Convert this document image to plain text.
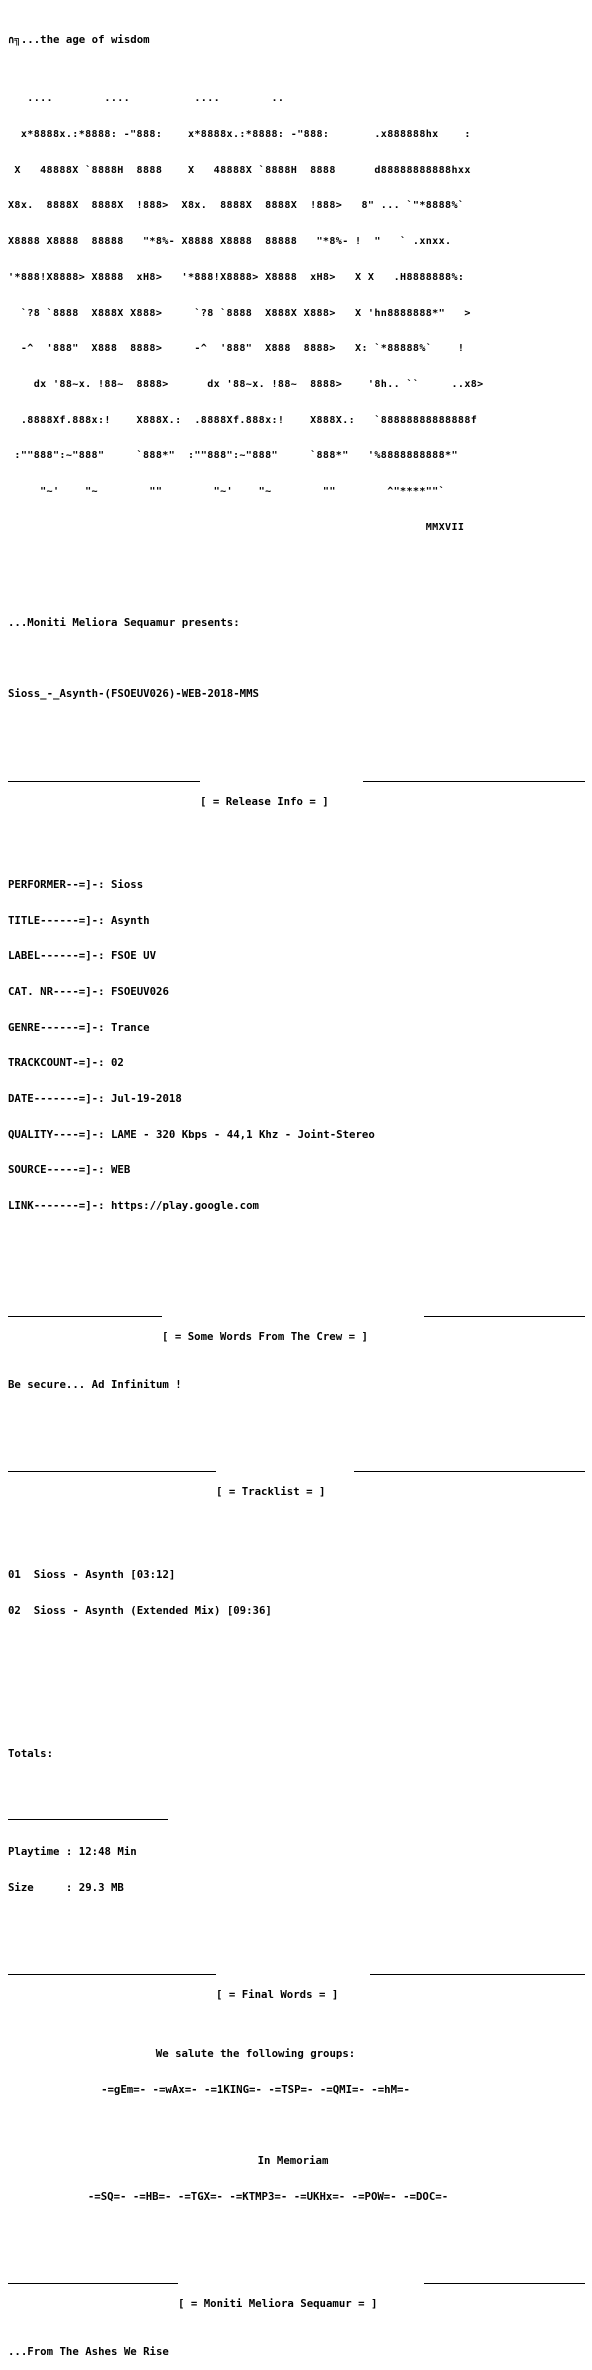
∩╗...the age of wisdom

....        ....          ....        ..

x*8888x.:*8888: -"888:    x*8888x.:*8888: -"888:       .x888888hx    :

X   48888X `8888H  8888    X   48888X `8888H  8888      d88888888888hxx

X8x.  8888X  8888X  !888>  X8x.  8888X  8888X  !888>   8" ... `"*8888%`

X8888 X8888  88888   "*8%- X8888 X8888  88888   "*8%- !  "   ` .xnxx.

'*888!X8888> X8888  xH8>   '*888!X8888> X8888  xH8>   X X   .H8888888%:

`?8 `8888  X888X X888>     `?8 `8888  X888X X888>   X 'hn8888888*"   >

-^  '888"  X888  8888>     -^  '888"  X888  8888>   X: `*88888%`    !

dx '88~x. !88~  8888>      dx '88~x. !88~  8888>    '8h.. ``     ..x8>

.8888Xf.888x:!    X888X.:  .8888Xf.888x:!    X888X.:   `88888888888888f

:""888":~"888"     `888*"  :""888":~"888"     `888*"   '%8888888888*"

"~'    "~        ""        "~'    "~        ""        ^"****""`

MMXVII

...Moniti Meliora Sequamur presents:

Sioss_-_Asynth-(FSOEUV026)-WEB-2018-MMS

[ = Release Info = ]

PERFORMER--=]-: Sioss

TITLE------=]-: Asynth

LABEL------=]-: FSOE UV

CAT. NR----=]-: FSOEUV026

GENRE------=]-: Trance

TRACKCOUNT-=]-: 02

DATE-------=]-: Jul-19-2018

QUALITY----=]-: LAME - 320 Kbps - 44,1 Khz - Joint-Stereo

SOURCE-----=]-: WEB

LINK-------=]-: https://play.google.com

[ = Some Words From The Crew = ]

Be secure... Ad Infinitum !

[ = Tracklist = ]

01 Sioss - Asynth [03:12]

02 Sioss - Asynth (Extended Mix) [09:36]

Totals:

Playtime : 12:48 Min

Size     : 29.3 MB

[ = Final Words = ]

We salute the following groups:

-=gEm=- -=wAx=- -=1KING=- -=TSP=- -=QMI=- -=hM=-

In Memoriam

-=SQ=- -=HB=- -=TGX=- -=KTMP3=- -=UKHx=- -=POW=- -=DOC=-

[ = Moniti Meliora Sequamur = ]

...From The Ashes We Rise
